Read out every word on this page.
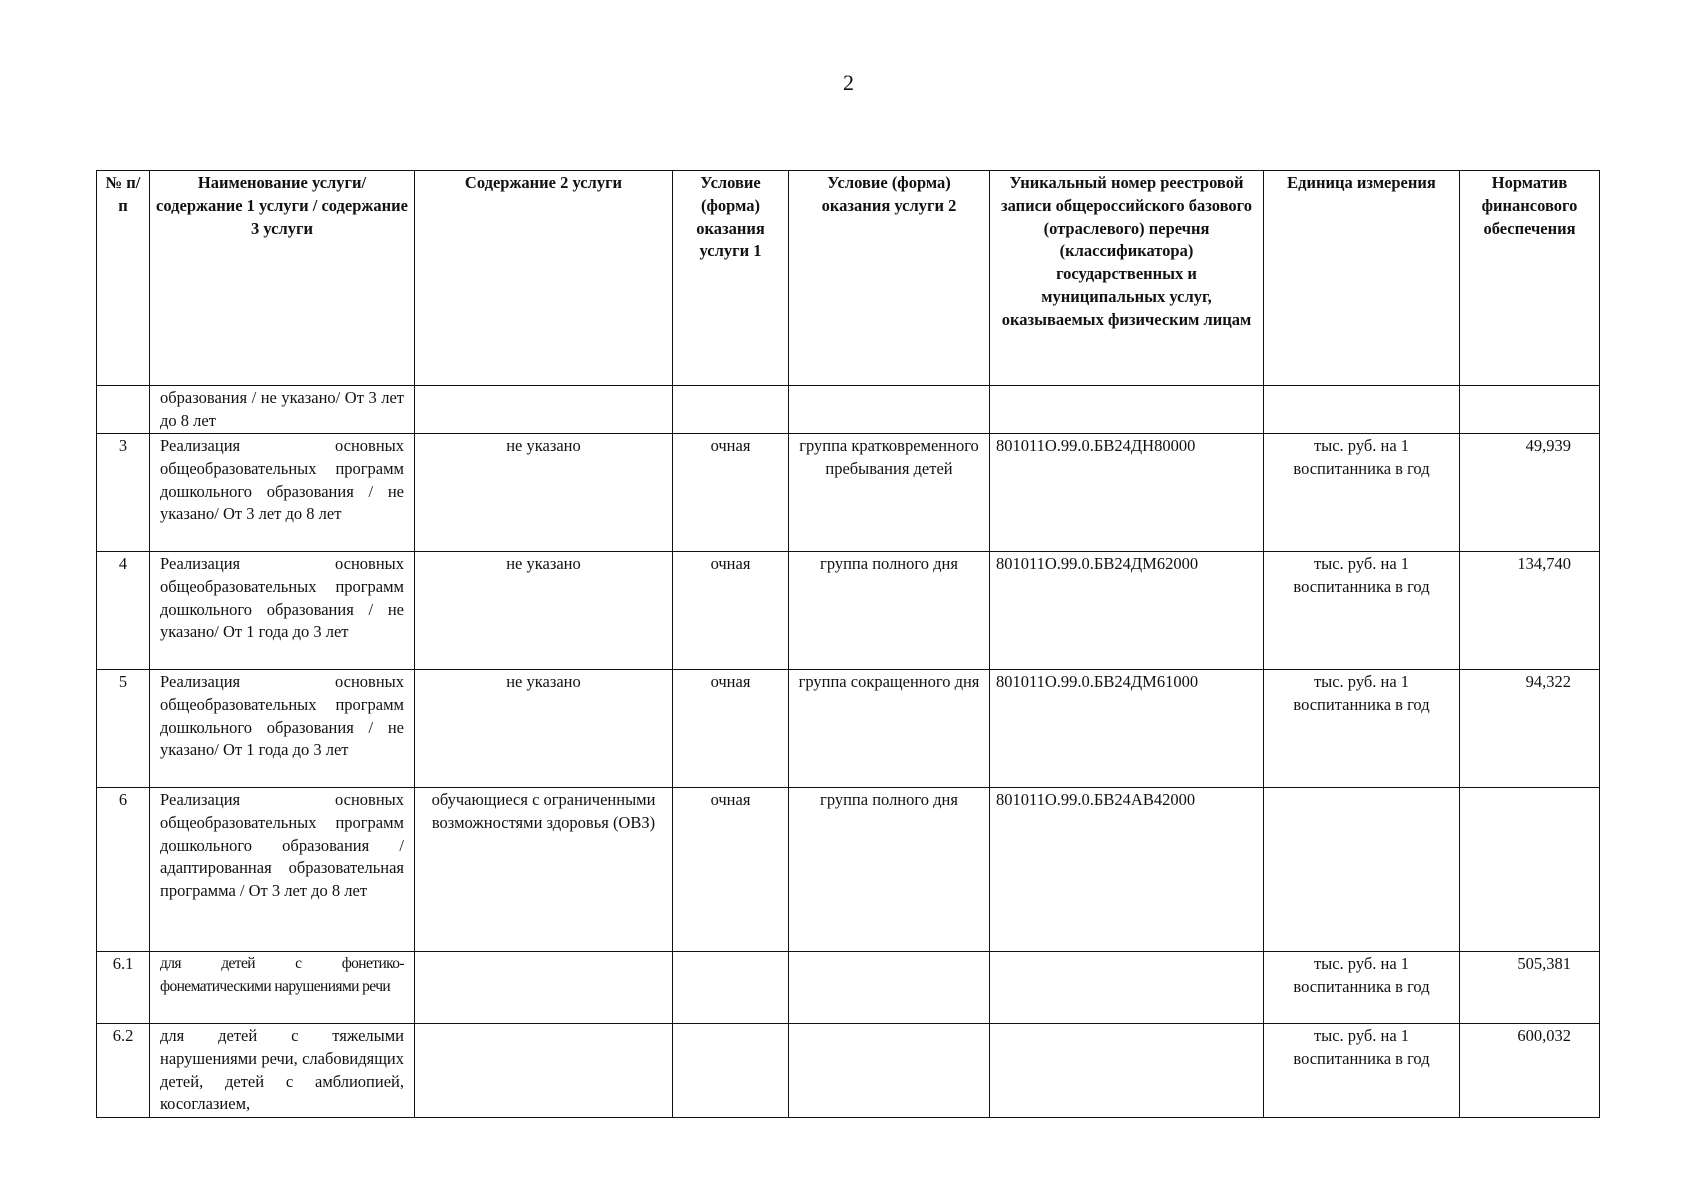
2
№ п/п	Наименование услуги/ содержание 1 услуги / содержание 3 услуги	Содержание 2 услуги	Условие (форма) оказания услуги 1	Условие (форма) оказания услуги 2	Уникальный номер реестровой записи общероссийского базового (отраслевого) перечня (классификатора) государственных и муниципальных услуг, оказываемых физическим лицам	Единица измерения	Норматив финансового обеспечения
	образования / не указано/ От 3 лет до 8 лет						
3	Реализация основных общеобразовательных программ дошкольного образования / не указано/ От 3 лет до 8 лет	не указано	очная	группа кратковременного пребывания детей	801011О.99.0.БВ24ДН80000	тыс. руб. на 1 воспитанника в год	49,939
4	Реализация основных общеобразовательных программ дошкольного образования / не указано/ От 1 года до 3 лет	не указано	очная	группа полного дня	801011О.99.0.БВ24ДМ62000	тыс. руб. на 1 воспитанника в год	134,740
5	Реализация основных общеобразовательных программ дошкольного образования / не указано/ От 1 года до 3 лет	не указано	очная	группа сокращенного дня	801011О.99.0.БВ24ДМ61000	тыс. руб. на 1 воспитанника в год	94,322
6	Реализация основных общеобразовательных программ дошкольного образования / адаптированная образовательная программа / От 3 лет до 8 лет	обучающиеся с ограниченными возможностями здоровья (ОВЗ)	очная	группа полного дня	801011О.99.0.БВ24АВ42000		
6.1	для детей с фонетико-фонематическими нарушениями речи					тыс. руб. на 1 воспитанника в год	505,381
6.2	для детей с тяжелыми нарушениями речи, слабовидящих детей, детей с амблиопией, косоглазием,					тыс. руб. на 1 воспитанника в год	600,032
